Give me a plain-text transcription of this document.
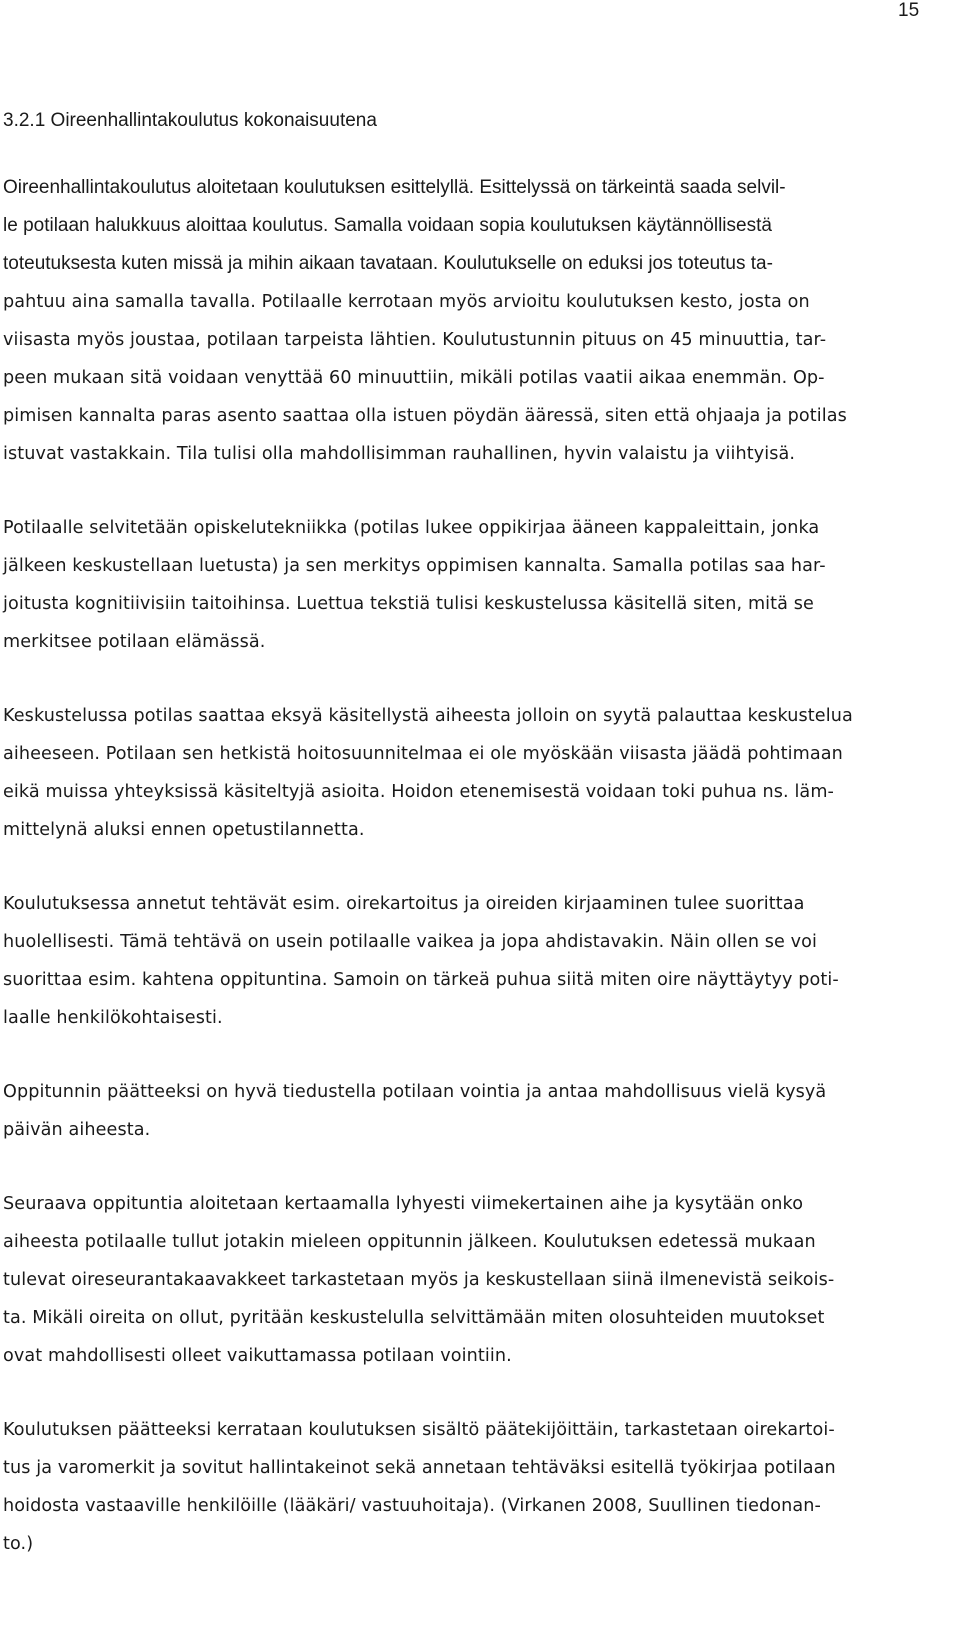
15
3.2.1 Oireenhallintakoulutus kokonaisuutena
Oireenhallintakoulutus aloitetaan koulutuksen esittelyllä. Esittelyssä on tärkeintä saada selvil-
le potilaan halukkuus aloittaa koulutus. Samalla voidaan sopia koulutuksen käytännöllisestä
toteutuksesta kuten missä ja mihin aikaan tavataan. Koulutukselle on eduksi jos toteutus ta-
pahtuu aina samalla tavalla. Potilaalle kerrotaan myös arvioitu koulutuksen kesto, josta on
viisasta myös joustaa, potilaan tarpeista lähtien. Koulutustunnin pituus on 45 minuuttia, tar-
peen mukaan sitä voidaan venyttää 60 minuuttiin, mikäli potilas vaatii aikaa enemmän. Op-
pimisen kannalta paras asento saattaa olla istuen pöydän ääressä, siten että ohjaaja ja potilas
istuvat vastakkain. Tila tulisi olla mahdollisimman rauhallinen, hyvin valaistu ja viihtyisä.
Potilaalle selvitetään opiskelutekniikka (potilas lukee oppikirjaa ääneen kappaleittain, jonka
jälkeen keskustellaan luetusta) ja sen merkitys oppimisen kannalta. Samalla potilas saa har-
joitusta kognitiivisiin taitoihinsa. Luettua tekstiä tulisi keskustelussa käsitellä siten, mitä se
merkitsee potilaan elämässä.
Keskustelussa potilas saattaa eksyä käsitellystä aiheesta jolloin on syytä palauttaa keskustelua
aiheeseen. Potilaan sen hetkistä hoitosuunnitelmaa ei ole myöskään viisasta jäädä pohtimaan
eikä muissa yhteyksissä käsiteltyjä asioita. Hoidon etenemisestä voidaan toki puhua ns. läm-
mittelynä aluksi ennen opetustilannetta.
Koulutuksessa annetut tehtävät esim. oirekartoitus ja oireiden kirjaaminen tulee suorittaa
huolellisesti. Tämä tehtävä on usein potilaalle vaikea ja jopa ahdistavakin. Näin ollen se voi
suorittaa esim. kahtena oppituntina. Samoin on tärkeä puhua siitä miten oire näyttäytyy poti-
laalle henkilökohtaisesti.
Oppitunnin päätteeksi on hyvä tiedustella potilaan vointia ja antaa mahdollisuus vielä kysyä
päivän aiheesta.
Seuraava oppituntia aloitetaan kertaamalla lyhyesti viimekertainen aihe ja kysytään onko
aiheesta potilaalle tullut jotakin mieleen oppitunnin jälkeen. Koulutuksen edetessä mukaan
tulevat oireseurantakaavakkeet tarkastetaan myös ja keskustellaan siinä ilmenevistä seikois-
ta. Mikäli oireita on ollut, pyritään keskustelulla selvittämään miten olosuhteiden muutokset
ovat mahdollisesti olleet vaikuttamassa potilaan vointiin.
Koulutuksen päätteeksi kerrataan koulutuksen sisältö päätekijöittäin, tarkastetaan oirekartoi-
tus ja varomerkit ja sovitut hallintakeinot sekä annetaan tehtäväksi esitellä työkirjaa potilaan
hoidosta vastaaville henkilöille (lääkäri/ vastuuhoitaja). (Virkanen 2008, Suullinen tiedonan-
to.)
